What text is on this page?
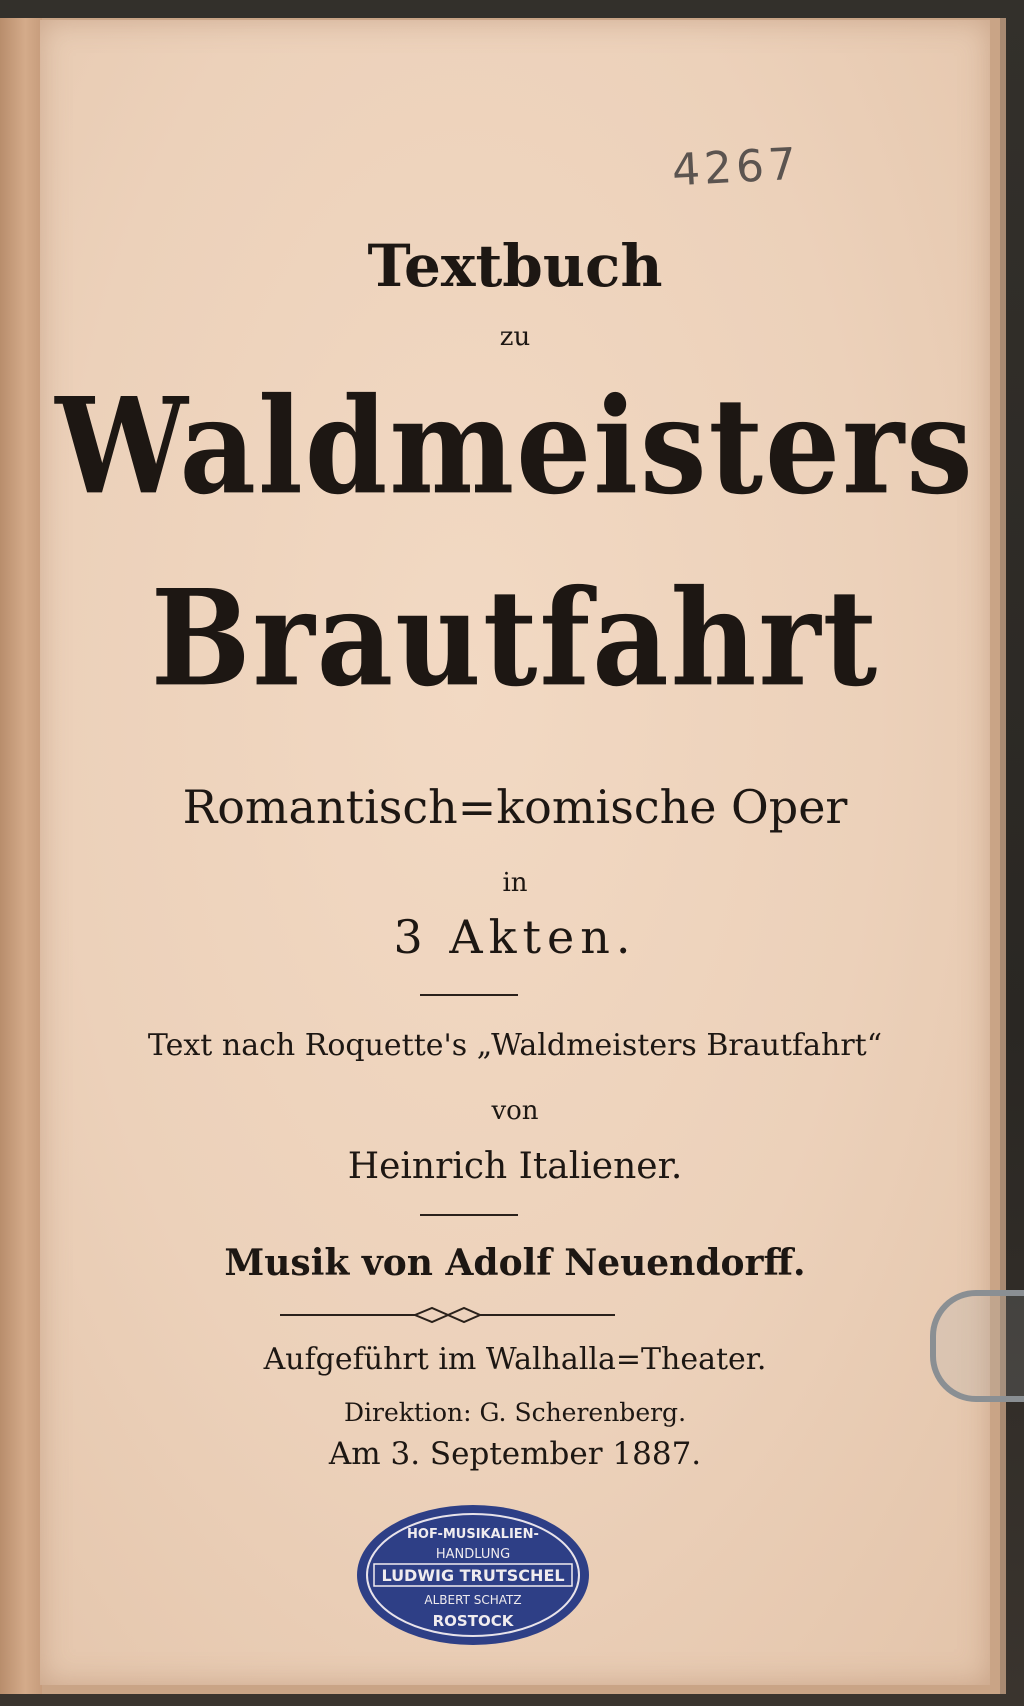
4267
Textbuch
zu
Waldmeisters
Brautfahrt
Romantisch=komische Oper
in
3 Akten.
Text nach Roquette's „Waldmeisters Brautfahrt“
von
Heinrich Italiener.
Musik von Adolf Neuendorff.
Aufgeführt im Walhalla=Theater.
Direktion: G. Scherenberg.
Am 3. September 1887.
HOF-MUSIKALIEN-
HANDLUNG
LUDWIG TRUTSCHEL
ALBERT SCHATZ
ROSTOCK
